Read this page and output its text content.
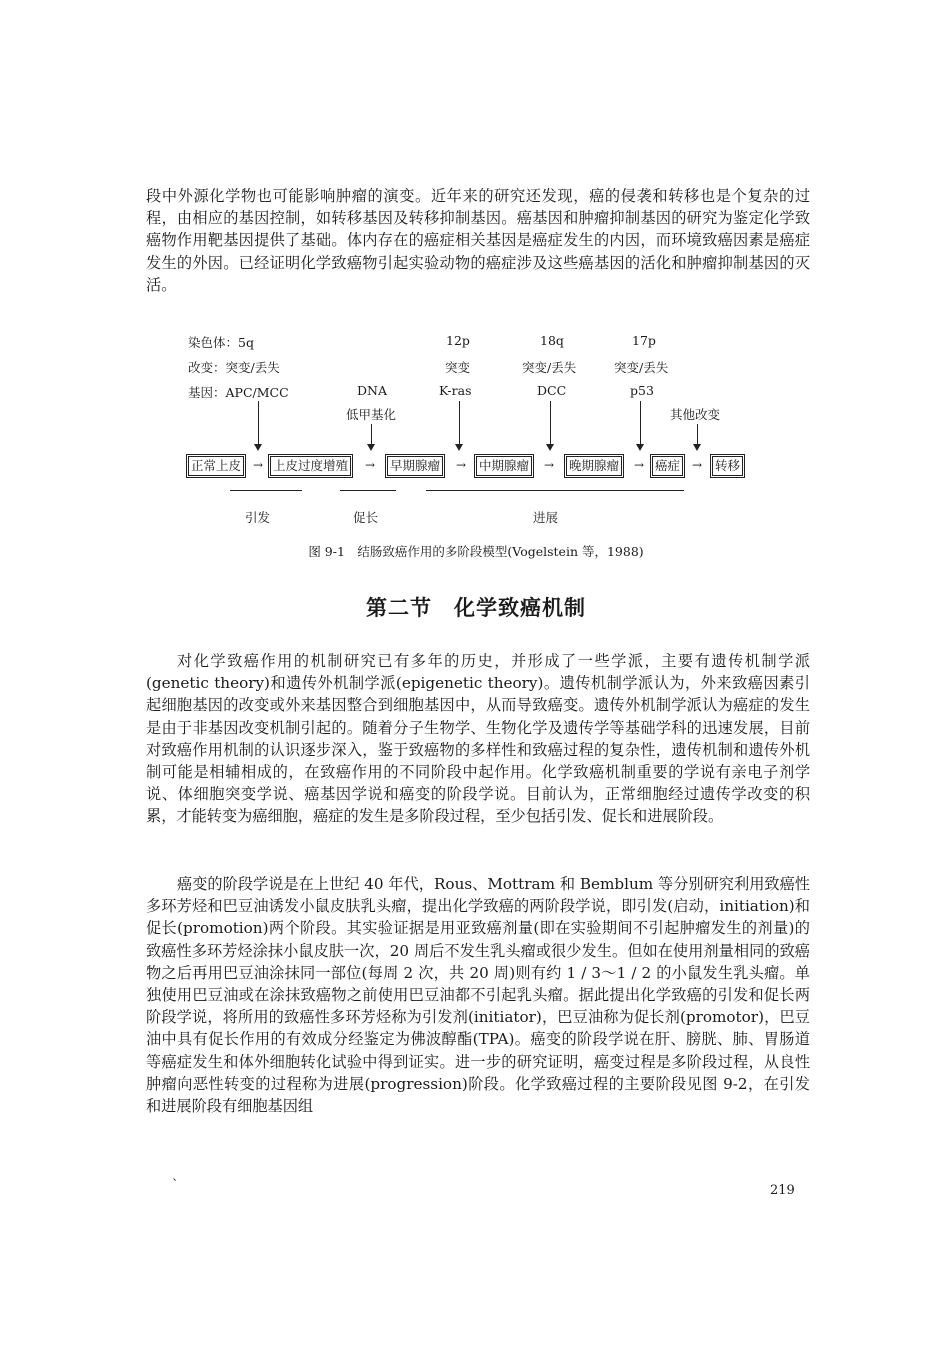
段中外源化学物也可能影响肿瘤的演变。近年来的研究还发现，癌的侵袭和转移也是个复杂的过程，由相应的基因控制，如转移基因及转移抑制基因。癌基因和肿瘤抑制基因的研究为鉴定化学致癌物作用靶基因提供了基础。体内存在的癌症相关基因是癌症发生的内因，而环境致癌因素是癌症发生的外因。已经证明化学致癌物引起实验动物的癌症涉及这些癌基因的活化和肿瘤抑制基因的灭活。

染色体：5q	12p	18q	17p
改变：突变/丢失	突变	突变/丢失	突变/丢失
基因：APC/MCC	DNA	K-ras	DCC	p53
低甲基化	其他改变
正常上皮 → 上皮过度增殖 → 早期腺瘤 → 中期腺瘤 → 晚期腺瘤 → 癌症 → 转移
引发	促长	进展
图 9-1　结肠致癌作用的多阶段模型(Vogelstein 等，1988)
第二节　化学致癌机制

对化学致癌作用的机制研究已有多年的历史，并形成了一些学派，主要有遗传机制学派(genetic theory)和遗传外机制学派(epigenetic theory)。遗传机制学派认为，外来致癌因素引起细胞基因的改变或外来基因整合到细胞基因中，从而导致癌变。遗传外机制学派认为癌症的发生是由于非基因改变机制引起的。随着分子生物学、生物化学及遗传学等基础学科的迅速发展，目前对致癌作用机制的认识逐步深入，鉴于致癌物的多样性和致癌过程的复杂性，遗传机制和遗传外机制可能是相辅相成的，在致癌作用的不同阶段中起作用。化学致癌机制重要的学说有亲电子剂学说、体细胞突变学说、癌基因学说和癌变的阶段学说。目前认为，正常细胞经过遗传学改变的积累，才能转变为癌细胞，癌症的发生是多阶段过程，至少包括引发、促长和进展阶段。

癌变的阶段学说是在上世纪 40 年代，Rous、Mottram 和 Bemblum 等分别研究利用致癌性多环芳烃和巴豆油诱发小鼠皮肤乳头瘤，提出化学致癌的两阶段学说，即引发(启动，initiation)和促长(promotion)两个阶段。其实验证据是用亚致癌剂量(即在实验期间不引起肿瘤发生的剂量)的致癌性多环芳烃涂抹小鼠皮肤一次，20 周后不发生乳头瘤或很少发生。但如在使用剂量相同的致癌物之后再用巴豆油涂抹同一部位(每周 2 次，共 20 周)则有约 1 / 3～1 / 2 的小鼠发生乳头瘤。单独使用巴豆油或在涂抹致癌物之前使用巴豆油都不引起乳头瘤。据此提出化学致癌的引发和促长两阶段学说，将所用的致癌性多环芳烃称为引发剂(initiator)，巴豆油称为促长剂(promotor)，巴豆油中具有促长作用的有效成分经鉴定为佛波醇酯(TPA)。癌变的阶段学说在肝、膀胱、肺、胃肠道等癌症发生和体外细胞转化试验中得到证实。进一步的研究证明，癌变过程是多阶段过程，从良性肿瘤向恶性转变的过程称为进展(progression)阶段。化学致癌过程的主要阶段见图 9-2，在引发和进展阶段有细胞基因组

ˋ	219
